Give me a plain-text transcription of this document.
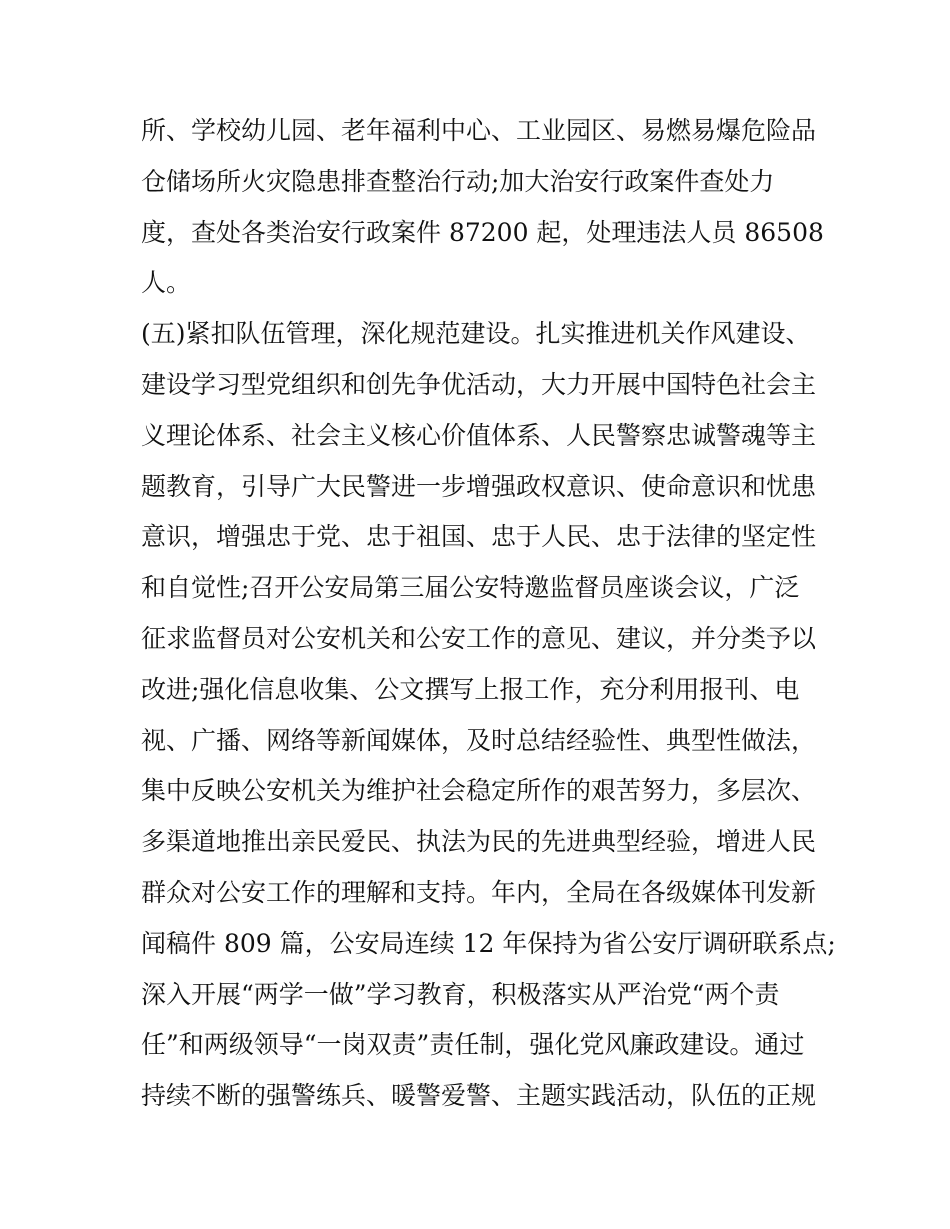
所、学校幼儿园、老年福利中心、工业园区、易燃易爆危险品
仓储场所火灾隐患排查整治行动;加大治安行政案件查处力
度，查处各类治安行政案件 87200 起，处理违法人员 86508
人。
(五)紧扣队伍管理，深化规范建设。扎实推进机关作风建设、
建设学习型党组织和创先争优活动，大力开展中国特色社会主
义理论体系、社会主义核心价值体系、人民警察忠诚警魂等主
题教育，引导广大民警进一步增强政权意识、使命意识和忧患
意识，增强忠于党、忠于祖国、忠于人民、忠于法律的坚定性
和自觉性;召开公安局第三届公安特邀监督员座谈会议，广泛
征求监督员对公安机关和公安工作的意见、建议，并分类予以
改进;强化信息收集、公文撰写上报工作，充分利用报刊、电
视、广播、网络等新闻媒体，及时总结经验性、典型性做法，
集中反映公安机关为维护社会稳定所作的艰苦努力，多层次、
多渠道地推出亲民爱民、执法为民的先进典型经验，增进人民
群众对公安工作的理解和支持。年内，全局在各级媒体刊发新
闻稿件 809 篇，公安局连续 12 年保持为省公安厅调研联系点;
深入开展“两学一做”学习教育，积极落实从严治党“两个责
任”和两级领导“一岗双责”责任制，强化党风廉政建设。通过
持续不断的强警练兵、暖警爱警、主题实践活动，队伍的正规
